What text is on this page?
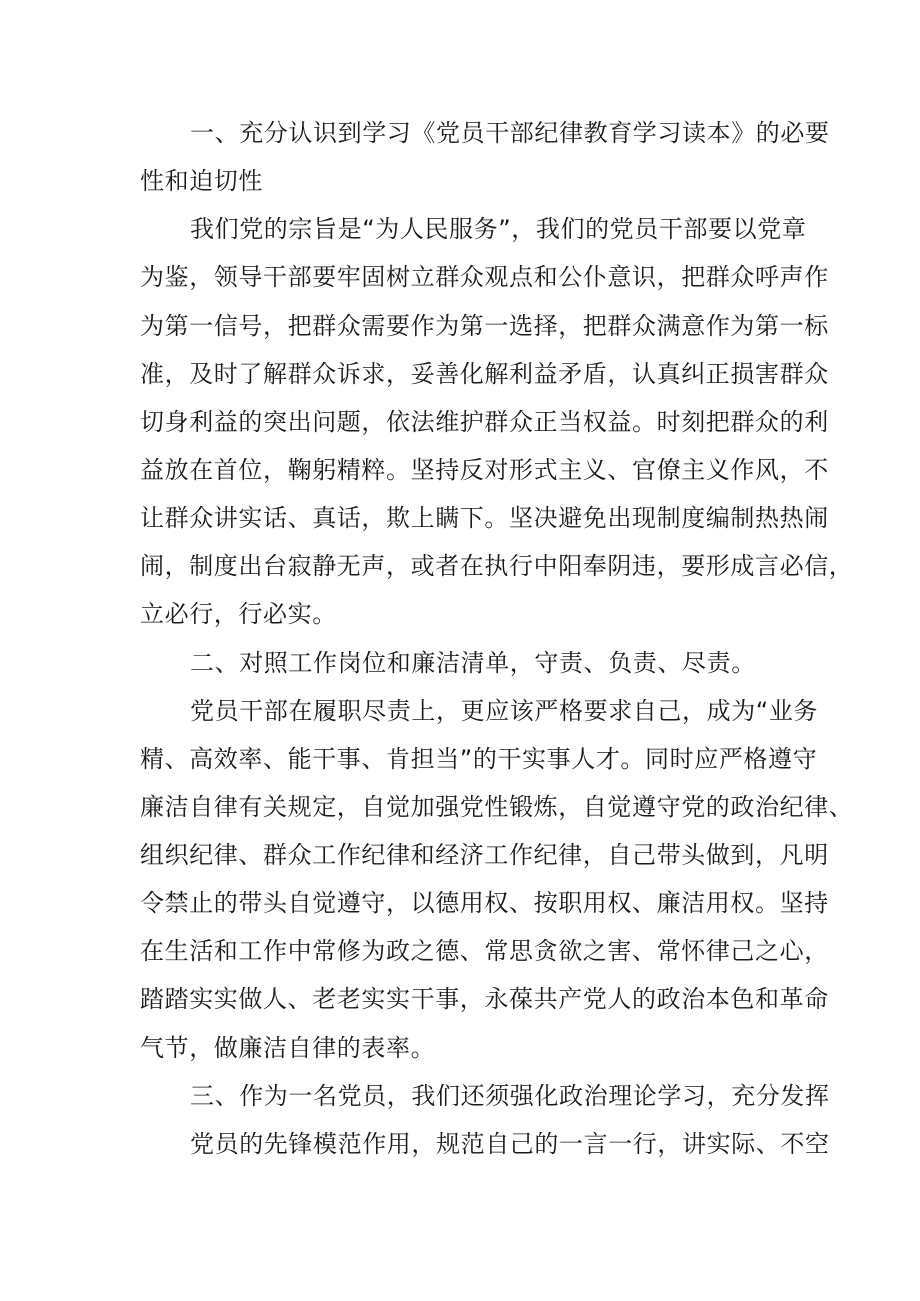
一、充分认识到学习《党员干部纪律教育学习读本》的必要
性和迫切性
我们党的宗旨是“为人民服务”，我们的党员干部要以党章
为鉴，领导干部要牢固树立群众观点和公仆意识，把群众呼声作
为第一信号，把群众需要作为第一选择，把群众满意作为第一标
准，及时了解群众诉求，妥善化解利益矛盾，认真纠正损害群众
切身利益的突出问题，依法维护群众正当权益。时刻把群众的利
益放在首位，鞠躬精粹。坚持反对形式主义、官僚主义作风，不
让群众讲实话、真话，欺上瞒下。坚决避免出现制度编制热热闹
闹，制度出台寂静无声，或者在执行中阳奉阴违，要形成言必信，
立必行，行必实。
二、对照工作岗位和廉洁清单，守责、负责、尽责。
党员干部在履职尽责上，更应该严格要求自己，成为“业务
精、高效率、能干事、肯担当”的干实事人才。同时应严格遵守
廉洁自律有关规定，自觉加强党性锻炼，自觉遵守党的政治纪律、
组织纪律、群众工作纪律和经济工作纪律，自己带头做到，凡明
令禁止的带头自觉遵守，以德用权、按职用权、廉洁用权。坚持
在生活和工作中常修为政之德、常思贪欲之害、常怀律己之心，
踏踏实实做人、老老实实干事，永葆共产党人的政治本色和革命
气节，做廉洁自律的表率。
三、作为一名党员，我们还须强化政治理论学习，充分发挥
党员的先锋模范作用，规范自己的一言一行，讲实际、不空
